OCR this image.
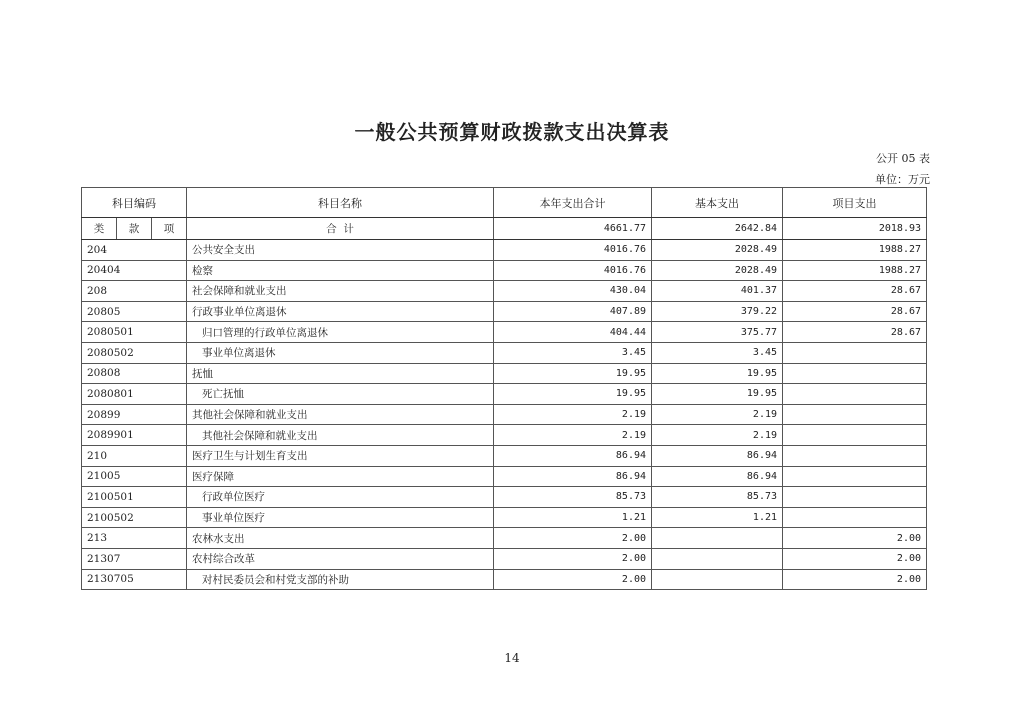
一般公共预算财政拨款支出决算表
公开 05 表
单位：万元
科目编码			科目名称	本年支出合计	基本支出	项目支出
类	款	项	合  计	4661.77	2642.84	2018.93
204			公共安全支出	4016.76	2028.49	1988.27
20404			检察	4016.76	2028.49	1988.27
208			社会保障和就业支出	430.04	401.37	28.67
20805			行政事业单位离退休	407.89	379.22	28.67
2080501			归口管理的行政单位离退休	404.44	375.77	28.67
2080502			事业单位离退休	3.45	3.45	
20808			抚恤	19.95	19.95	
2080801			死亡抚恤	19.95	19.95	
20899			其他社会保障和就业支出	2.19	2.19	
2089901			其他社会保障和就业支出	2.19	2.19	
210			医疗卫生与计划生育支出	86.94	86.94	
21005			医疗保障	86.94	86.94	
2100501			行政单位医疗	85.73	85.73	
2100502			事业单位医疗	1.21	1.21	
213			农林水支出	2.00		2.00
21307			农村综合改革	2.00		2.00
2130705			对村民委员会和村党支部的补助	2.00		2.00
14
